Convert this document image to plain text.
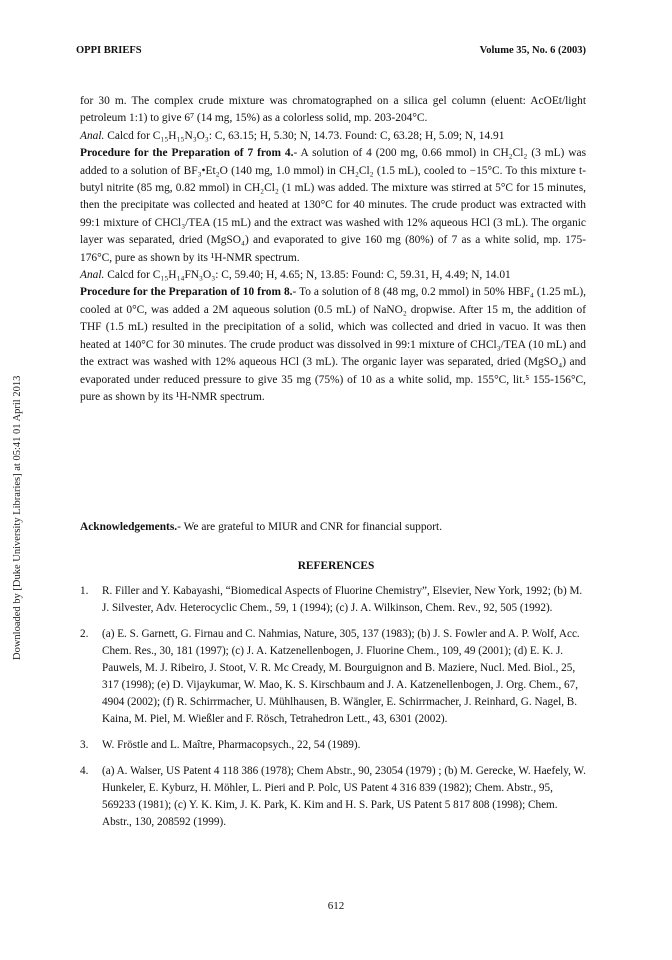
OPPI BRIEFS	Volume 35, No. 6 (2003)
Downloaded by [Duke University Libraries] at 05:41 01 April 2013

for 30 m. The complex crude mixture was chromatographed on a silica gel column (eluent: AcOEt/light petroleum 1:1) to give 6⁷ (14 mg, 15%) as a colorless solid, mp. 203-204°C.

Anal. Calcd for C₁₅H₁₅N₃O₃: C, 63.15; H, 5.30; N, 14.73. Found: C, 63.28; H, 5.09; N, 14.91

Procedure for the Preparation of 7 from 4.- A solution of 4 (200 mg, 0.66 mmol) in CH₂Cl₂ (3 mL) was added to a solution of BF₃•Et₂O (140 mg, 1.0 mmol) in CH₂Cl₂ (1.5 mL), cooled to −15°C. To this mixture t-butyl nitrite (85 mg, 0.82 mmol) in CH₂Cl₂ (1 mL) was added. The mixture was stirred at 5°C for 15 minutes, then the precipitate was collected and heated at 130°C for 40 minutes. The crude product was extracted with 99:1 mixture of CHCl₃/TEA (15 mL) and the extract was washed with 12% aqueous HCl (3 mL). The organic layer was separated, dried (MgSO₄) and evaporated to give 160 mg (80%) of 7 as a white solid, mp. 175-176°C, pure as shown by its ¹H-NMR spectrum.

Anal. Calcd for C₁₅H₁₄FN₃O₃: C, 59.40; H, 4.65; N, 13.85: Found: C, 59.31, H, 4.49; N, 14.01

Procedure for the Preparation of 10 from 8.- To a solution of 8 (48 mg, 0.2 mmol) in 50% HBF₄ (1.25 mL), cooled at 0°C, was added a 2M aqueous solution (0.5 mL) of NaNO₂ dropwise. After 15 m, the addition of THF (1.5 mL) resulted in the precipitation of a solid, which was collected and dried in vacuo. It was then heated at 140°C for 30 minutes. The crude product was dissolved in 99:1 mixture of CHCl₃/TEA (10 mL) and the extract was washed with 12% aqueous HCl (3 mL). The organic layer was separated, dried (MgSO₄) and evaporated under reduced pressure to give 35 mg (75%) of 10 as a white solid, mp. 155°C, lit.⁵ 155-156°C, pure as shown by its ¹H-NMR spectrum.

Acknowledgements.- We are grateful to MIUR and CNR for financial support.
REFERENCES
1. R. Filler and Y. Kabayashi, “Biomedical Aspects of Fluorine Chemistry”, Elsevier, New York, 1992; (b) M. J. Silvester, Adv. Heterocyclic Chem., 59, 1 (1994); (c) J. A. Wilkinson, Chem. Rev., 92, 505 (1992).
2. (a) E. S. Garnett, G. Firnau and C. Nahmias, Nature, 305, 137 (1983); (b) J. S. Fowler and A. P. Wolf, Acc. Chem. Res., 30, 181 (1997); (c) J. A. Katzenellenbogen, J. Fluorine Chem., 109, 49 (2001); (d) E. K. J. Pauwels, M. J. Ribeiro, J. Stoot, V. R. Mc Cready, M. Bourguignon and B. Maziere, Nucl. Med. Biol., 25, 317 (1998); (e) D. Vijaykumar, W. Mao, K. S. Kirschbaum and J. A. Katzenellenbogen, J. Org. Chem., 67, 4904 (2002); (f) R. Schirrmacher, U. Mühlhausen, B. Wängler, E. Schirrmacher, J. Reinhard, G. Nagel, B. Kaina, M. Piel, M. Wießler and F. Rösch, Tetrahedron Lett., 43, 6301 (2002).
3. W. Fröstle and L. Maître, Pharmacopsych., 22, 54 (1989).
4. (a) A. Walser, US Patent 4 118 386 (1978); Chem Abstr., 90, 23054 (1979) ; (b) M. Gerecke, W. Haefely, W. Hunkeler, E. Kyburz, H. Möhler, L. Pieri and P. Polc, US Patent 4 316 839 (1982); Chem. Abstr., 95, 569233 (1981); (c) Y. K. Kim, J. K. Park, K. Kim and H. S. Park, US Patent 5 817 808 (1998); Chem. Abstr., 130, 208592 (1999).
612
